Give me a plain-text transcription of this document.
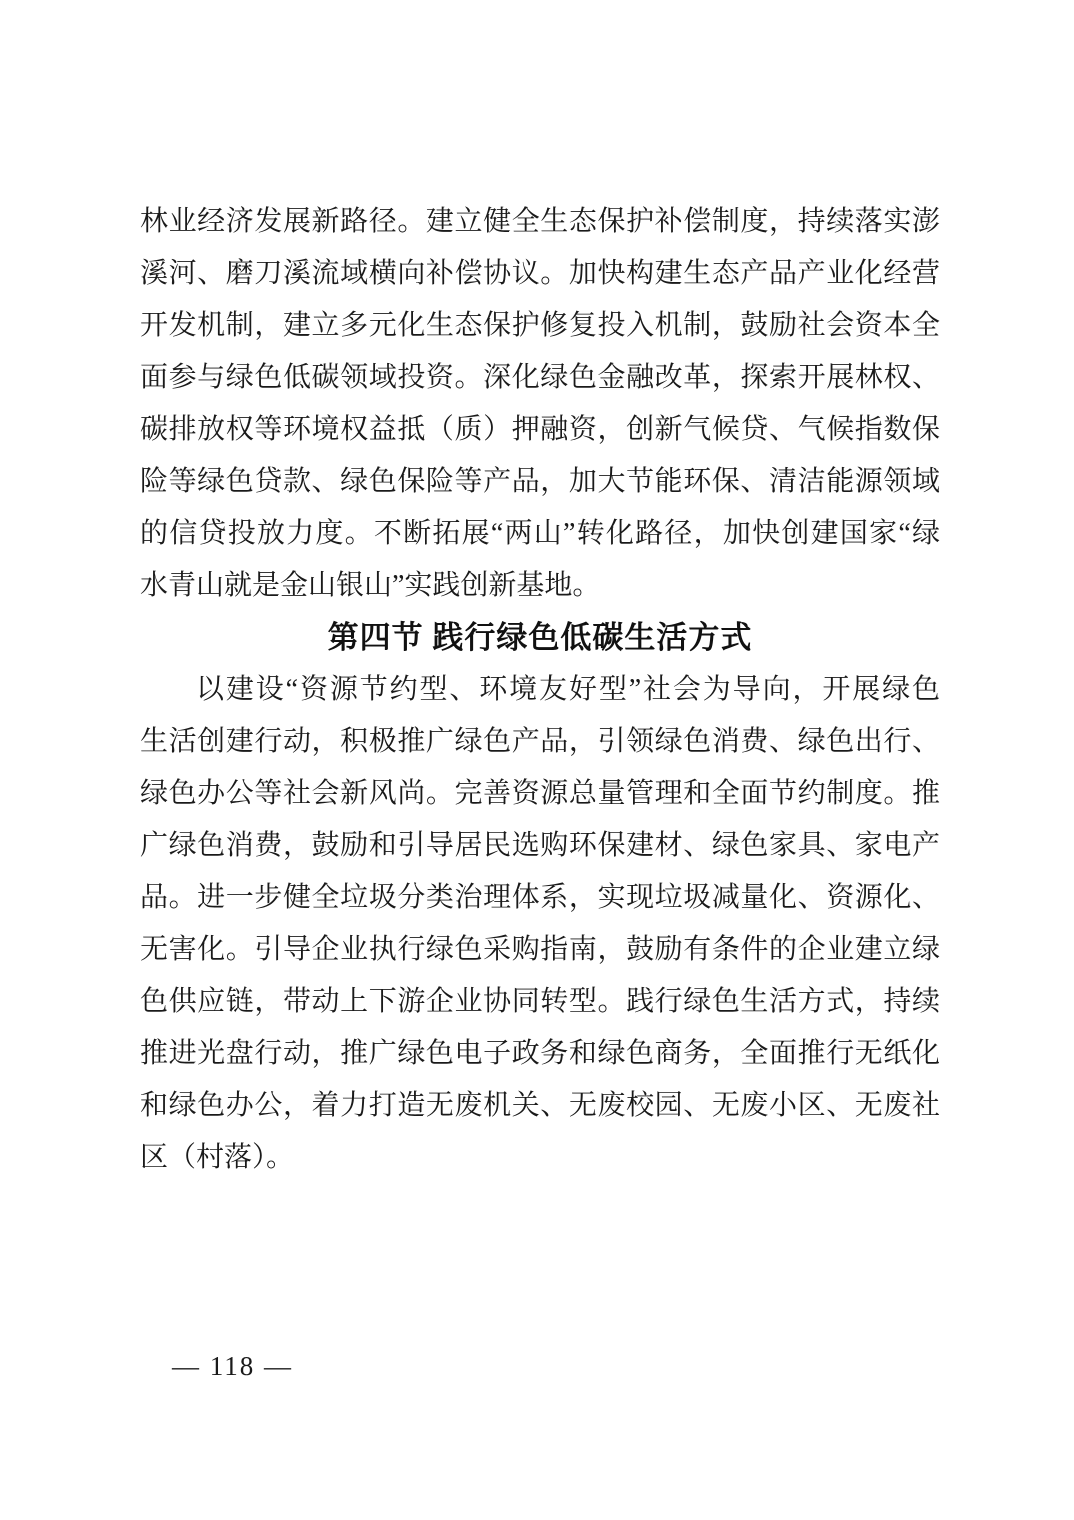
林业经济发展新路径。建立健全生态保护补偿制度，持续落实澎
溪河、磨刀溪流域横向补偿协议。加快构建生态产品产业化经营
开发机制，建立多元化生态保护修复投入机制，鼓励社会资本全
面参与绿色低碳领域投资。深化绿色金融改革，探索开展林权、
碳排放权等环境权益抵（质）押融资，创新气候贷、气候指数保
险等绿色贷款、绿色保险等产品，加大节能环保、清洁能源领域
的信贷投放力度。不断拓展“两山”转化路径，加快创建国家“绿
水青山就是金山银山”实践创新基地。
第四节 践行绿色低碳生活方式
以建设“资源节约型、环境友好型”社会为导向，开展绿色
生活创建行动，积极推广绿色产品，引领绿色消费、绿色出行、
绿色办公等社会新风尚。完善资源总量管理和全面节约制度。推
广绿色消费，鼓励和引导居民选购环保建材、绿色家具、家电产
品。进一步健全垃圾分类治理体系，实现垃圾减量化、资源化、
无害化。引导企业执行绿色采购指南，鼓励有条件的企业建立绿
色供应链，带动上下游企业协同转型。践行绿色生活方式，持续
推进光盘行动，推广绿色电子政务和绿色商务，全面推行无纸化
和绿色办公，着力打造无废机关、无废校园、无废小区、无废社
区（村落）。
— 118 —
